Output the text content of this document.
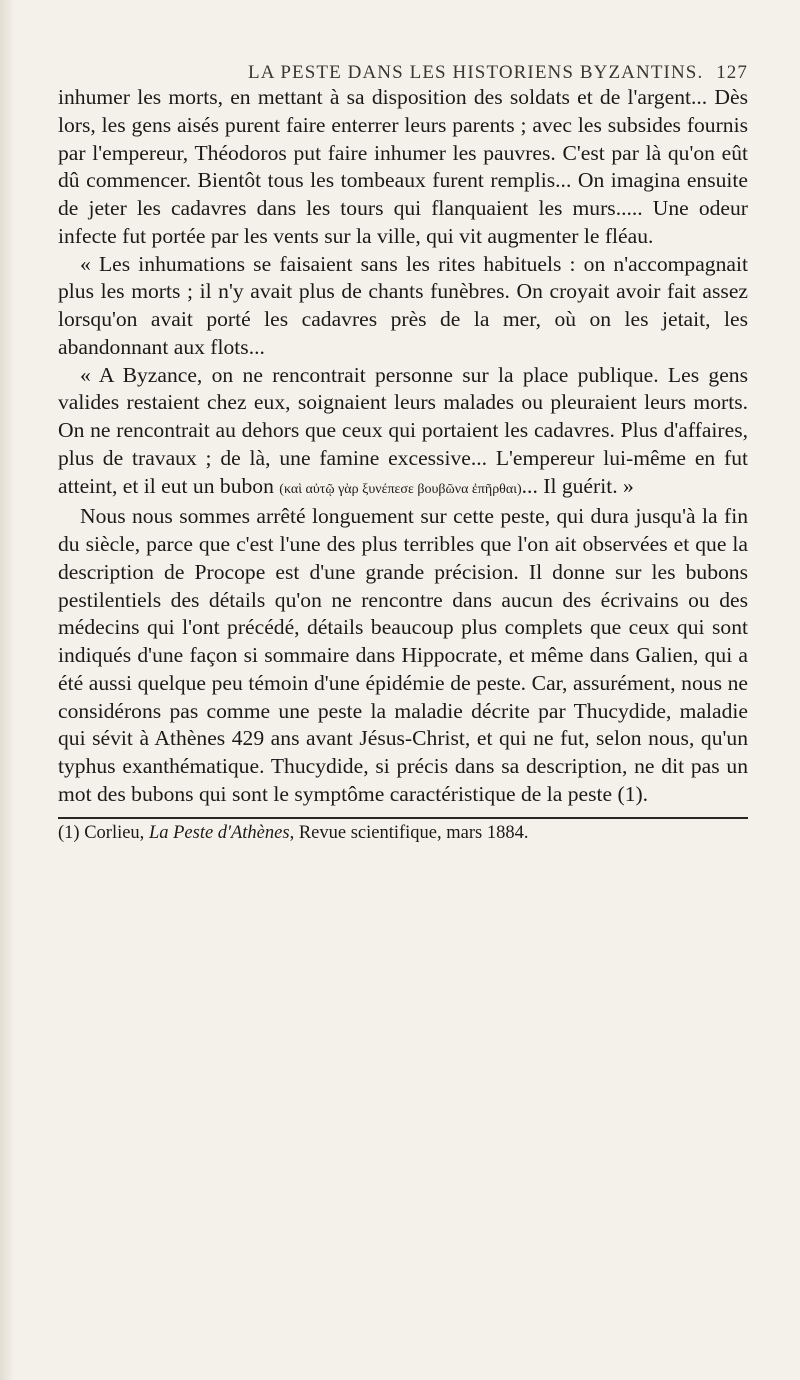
LA PESTE DANS LES HISTORIENS BYZANTINS. 127

inhumer les morts, en mettant à sa disposition des soldats et de l'argent... Dès lors, les gens aisés purent faire enterrer leurs parents ; avec les subsides fournis par l'empereur, Théodoros put faire inhumer les pauvres. C'est par là qu'on eût dû commencer. Bientôt tous les tombeaux furent remplis... On imagina ensuite de jeter les cadavres dans les tours qui flanquaient les murs..... Une odeur infecte fut portée par les vents sur la ville, qui vit augmenter le fléau.

« Les inhumations se faisaient sans les rites habituels : on n'accompagnait plus les morts ; il n'y avait plus de chants funèbres. On croyait avoir fait assez lorsqu'on avait porté les cadavres près de la mer, où on les jetait, les abandonnant aux flots...

« A Byzance, on ne rencontrait personne sur la place publique. Les gens valides restaient chez eux, soignaient leurs malades ou pleuraient leurs morts. On ne rencontrait au dehors que ceux qui portaient les cadavres. Plus d'affaires, plus de travaux ; de là, une famine excessive... L'empereur lui-même en fut atteint, et il eut un bubon (καὶ αὐτῷ γὰρ ξυνέπεσε βουβῶνα ἐπῆρθαι)... Il guérit. »

Nous nous sommes arrêté longuement sur cette peste, qui dura jusqu'à la fin du siècle, parce que c'est l'une des plus terribles que l'on ait observées et que la description de Procope est d'une grande précision. Il donne sur les bubons pestilentiels des détails qu'on ne rencontre dans aucun des écrivains ou des médecins qui l'ont précédé, détails beaucoup plus complets que ceux qui sont indiqués d'une façon si sommaire dans Hippocrate, et même dans Galien, qui a été aussi quelque peu témoin d'une épidémie de peste. Car, assurément, nous ne considérons pas comme une peste la maladie décrite par Thucydide, maladie qui sévit à Athènes 429 ans avant Jésus-Christ, et qui ne fut, selon nous, qu'un typhus exanthématique. Thucydide, si précis dans sa description, ne dit pas un mot des bubons qui sont le symptôme caractéristique de la peste (1).

(1) Corlieu, La Peste d'Athènes, Revue scientifique, mars 1884.
